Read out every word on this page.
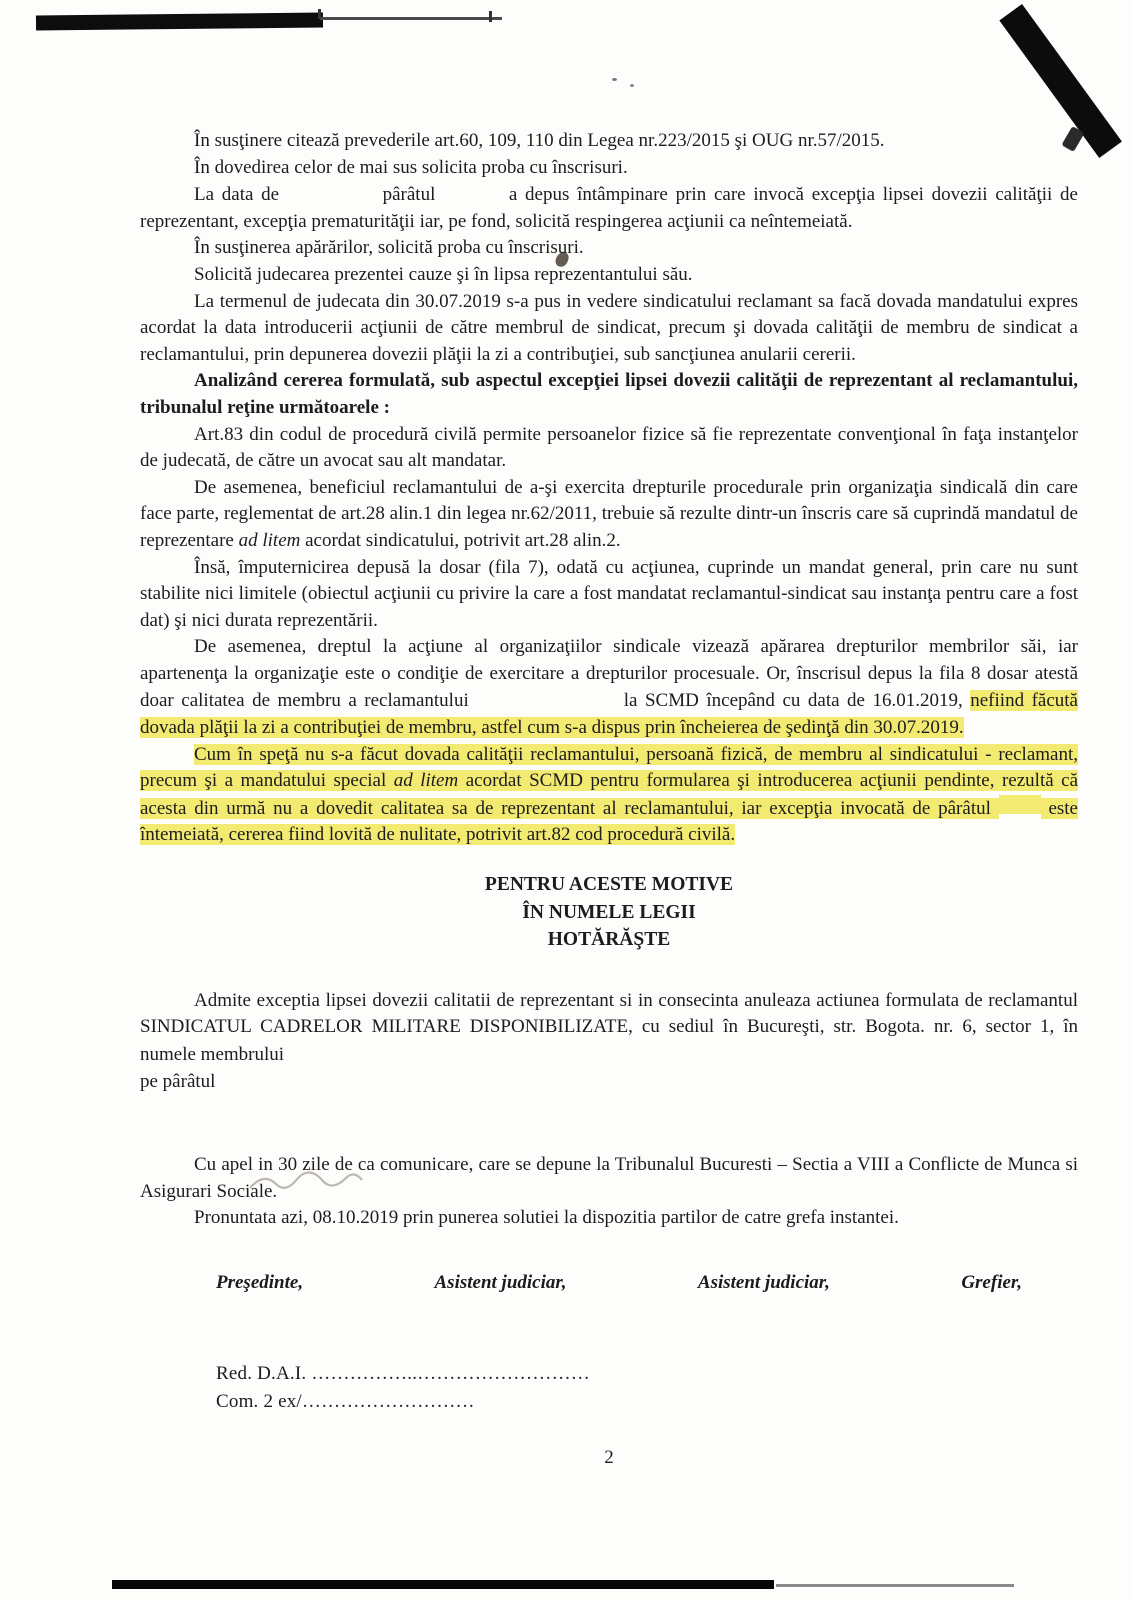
În susţinere citează prevederile art.60, 109, 110 din Legea nr.223/2015 şi OUG nr.57/2015.

În dovedirea celor de mai sus solicita proba cu înscrisuri.

La data de	pârâtul	a depus întâmpinare prin care invocă excepţia lipsei dovezii calităţii de reprezentant, excepţia prematurităţii iar, pe fond, solicită respingerea acţiunii ca neîntemeiată.

În susţinerea apărărilor, solicită proba cu înscrisuri.

Solicită judecarea prezentei cauze şi în lipsa reprezentantului său.

La termenul de judecata din 30.07.2019 s-a pus in vedere sindicatului reclamant sa facă dovada mandatului expres acordat la data introducerii acţiunii de către membrul de sindicat, precum şi dovada calităţii de membru de sindicat a reclamantului, prin depunerea dovezii plăţii la zi a contribuţiei, sub sancţiunea anularii cererii.

Analizând cererea formulată, sub aspectul excepţiei lipsei dovezii calităţii de reprezentant al reclamantului, tribunalul reţine următoarele :

Art.83 din codul de procedură civilă permite persoanelor fizice să fie reprezentate convenţional în faţa instanţelor de judecată, de către un avocat sau alt mandatar.

De asemenea, beneficiul reclamantului de a-şi exercita drepturile procedurale prin organizaţia sindicală din care face parte, reglementat de art.28 alin.1 din legea nr.62/2011, trebuie să rezulte dintr-un înscris care să cuprindă mandatul de reprezentare ad litem acordat sindicatului, potrivit art.28 alin.2.

Însă, împuternicirea depusă la dosar (fila 7), odată cu acţiunea, cuprinde un mandat general, prin care nu sunt stabilite nici limitele (obiectul acţiunii cu privire la care a fost mandatat reclamantul-sindicat sau instanţa pentru care a fost dat) şi nici durata reprezentării.

De asemenea, dreptul la acţiune al organizaţiilor sindicale vizează apărarea drepturilor membrilor săi, iar apartenenţa la organizaţie este o condiţie de exercitare a drepturilor procesuale. Or, înscrisul depus la fila 8 dosar atestă doar calitatea de membru a reclamantului	la SCMD începând cu data de 16.01.2019, nefiind făcută dovada plăţii la zi a contribuţiei de membru, astfel cum s-a dispus prin încheierea de şedinţă din 30.07.2019.

Cum în speţă nu s-a făcut dovada calităţii reclamantului, persoană fizică, de membru al sindicatului - reclamant, precum şi a mandatului special ad litem acordat SCMD pentru formularea şi introducerea acţiunii pendinte, rezultă că acesta din urmă nu a dovedit calitatea sa de reprezentant al reclamantului, iar excepţia invocată de pârâtul  este întemeiată, cererea fiind lovită de nulitate, potrivit art.82 cod procedură civilă.

PENTRU ACESTE MOTIVE
ÎN NUMELE LEGII
HOTĂRĂŞTE

Admite exceptia lipsei dovezii calitatii de reprezentant si in consecinta anuleaza actiunea formulata de reclamantul SINDICATUL CADRELOR MILITARE DISPONIBILIZATE, cu sediul în Bucureşti, str. Bogota. nr. 6, sector 1, în numele membrului

pe pârâtul

Cu apel in 30 zile de ca comunicare, care se depune la Tribunalul Bucuresti – Sectia a VIII a Conflicte de Munca si Asigurari Sociale.

Pronuntata azi, 08.10.2019 prin punerea solutiei la dispozitia partilor de catre grefa instantei.

Preşedinte,	Asistent judiciar,	Asistent judiciar,	Grefier,
Red. D.A.I. ……………..………………………
Com. 2 ex/………………………
2
